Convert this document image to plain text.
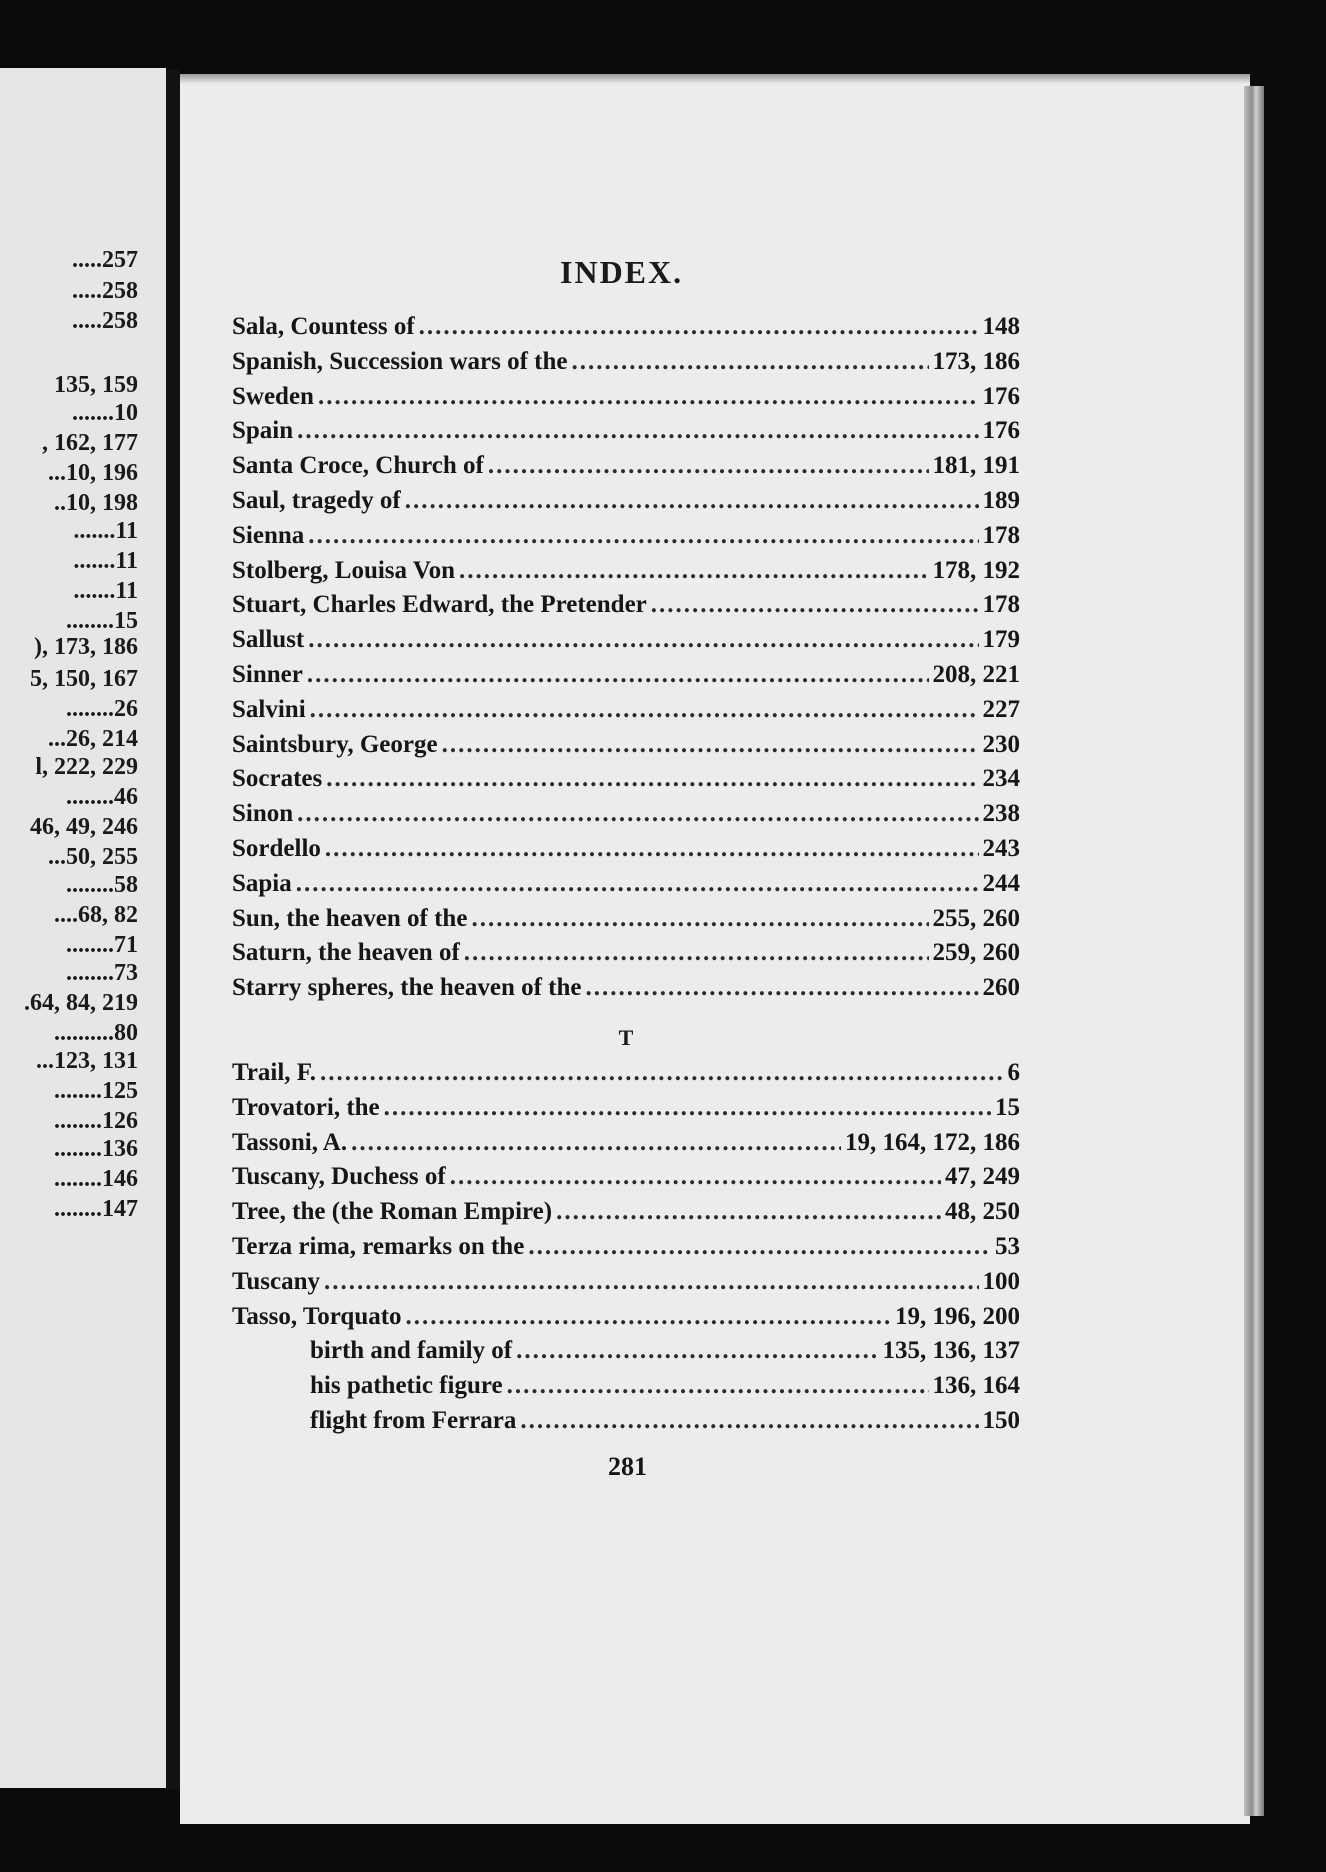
.....257
.....258
.....258
135, 159
.......10
, 162, 177
...10, 196
..10, 198
.......11
.......11
.......11
........15
), 173, 186
5, 150, 167
........26
...26, 214
l, 222, 229
........46
46, 49, 246
...50, 255
........58
....68, 82
........71
........73
.64, 84, 219
..........80
...123, 131
........125
........126
........136
........146
........147
INDEX.
Sala, Countess of .....	148
Spanish, Succession wars of the .....	173, 186
Sweden .....	176
Spain .....	176
Santa Croce, Church of .....	181, 191
Saul, tragedy of .....	189
Sienna .....	178
Stolberg, Louisa Von .....	178, 192
Stuart, Charles Edward, the Pretender .....	178
Sallust .....	179
Sinner .....	208, 221
Salvini .....	227
Saintsbury, George .....	230
Socrates .....	234
Sinon .....	238
Sordello .....	243
Sapia .....	244
Sun, the heaven of the .....	255, 260
Saturn, the heaven of .....	259, 260
Starry spheres, the heaven of the .....	260
T
Trail, F. .....	6
Trovatori, the .....	15
Tassoni, A. .....	19, 164, 172, 186
Tuscany, Duchess of .....	47, 249
Tree, the (the Roman Empire) .....	48, 250
Terza rima, remarks on the .....	53
Tuscany .....	100
Tasso, Torquato .....	19, 196, 200
birth and family of .....	135, 136, 137
his pathetic figure .....	136, 164
flight from Ferrara .....	150
281
